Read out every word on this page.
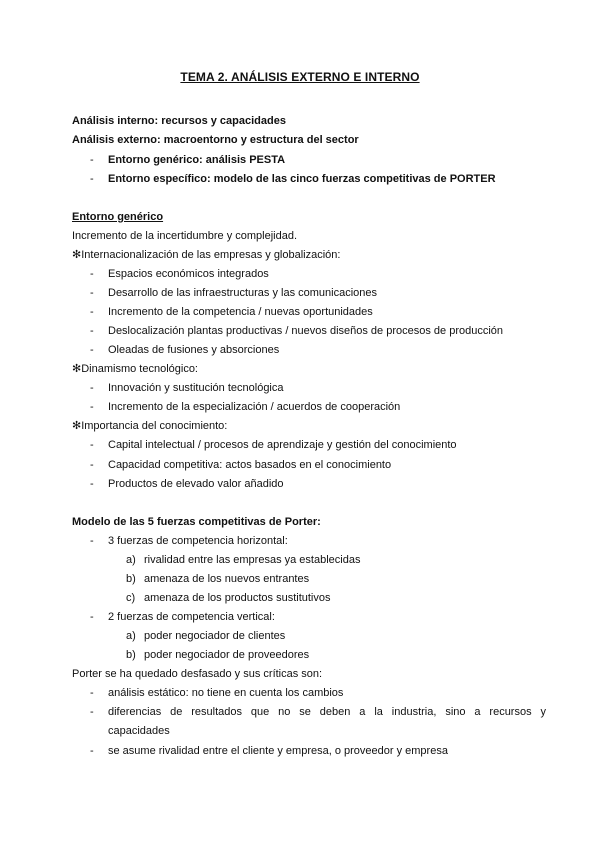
TEMA 2. ANÁLISIS EXTERNO E INTERNO
Análisis interno: recursos y capacidades
Análisis externo: macroentorno y estructura del sector
- Entorno genérico: análisis PESTA
- Entorno específico: modelo de las cinco fuerzas competitivas de PORTER
Entorno genérico
Incremento de la incertidumbre y complejidad.
✻Internacionalización de las empresas y globalización:
- Espacios económicos integrados
- Desarrollo de las infraestructuras y las comunicaciones
- Incremento de la competencia / nuevas oportunidades
- Deslocalización plantas productivas / nuevos diseños de procesos de producción
- Oleadas de fusiones y absorciones
✻Dinamismo tecnológico:
- Innovación y sustitución tecnológica
- Incremento de la especialización / acuerdos de cooperación
✻Importancia del conocimiento:
- Capital intelectual / procesos de aprendizaje y gestión del conocimiento
- Capacidad competitiva: actos basados en el conocimiento
- Productos de elevado valor añadido
Modelo de las 5 fuerzas competitivas de Porter:
- 3 fuerzas de competencia horizontal:
a) rivalidad entre las empresas ya establecidas
b) amenaza de los nuevos entrantes
c) amenaza de los productos sustitutivos
- 2 fuerzas de competencia vertical:
a) poder negociador de clientes
b) poder negociador de proveedores
Porter se ha quedado desfasado y sus críticas son:
- análisis estático: no tiene en cuenta los cambios
- diferencias de resultados que no se deben a la industria, sino a recursos y
capacidades
- se asume rivalidad entre el cliente y empresa, o proveedor y empresa
